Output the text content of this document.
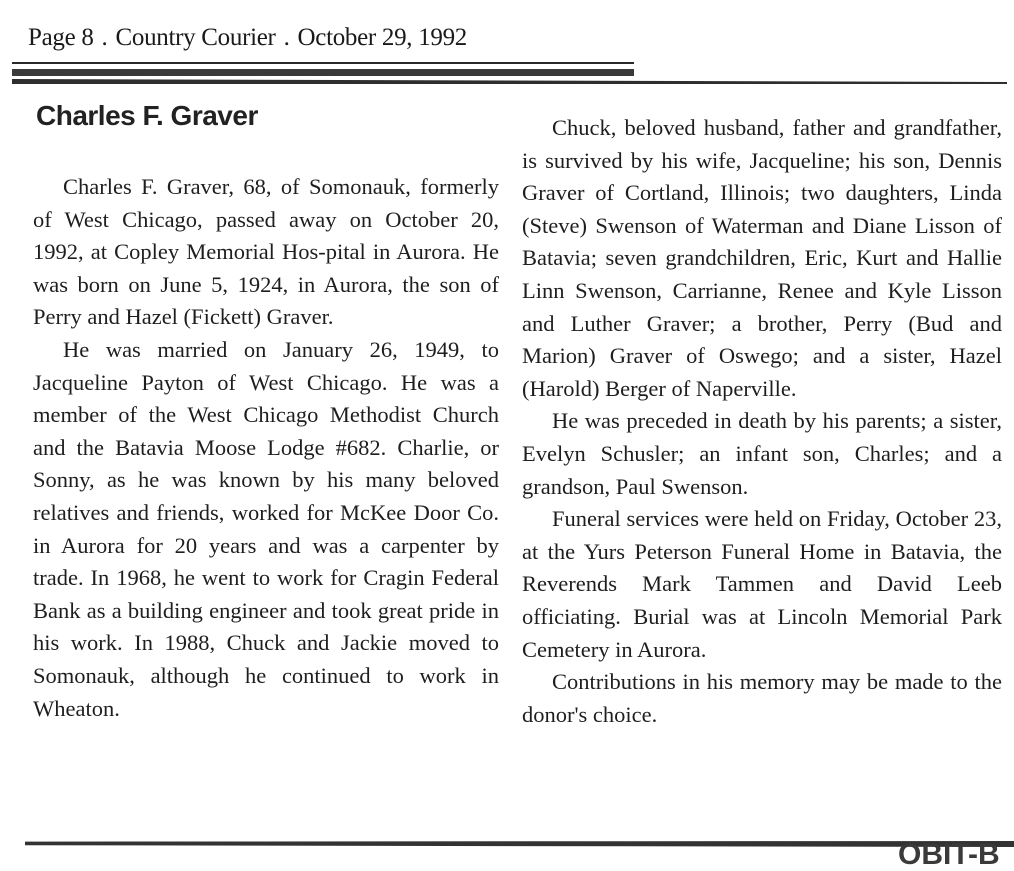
Page 8 . Country Courier . October 29, 1992
Charles F. Graver

Charles F. Graver, 68, of Somonauk, formerly of West Chicago, passed away on October 20, 1992, at Copley Memorial Hos-pital in Aurora. He was born on June 5, 1924, in Aurora, the son of Perry and Hazel (Fickett) Graver.

He was married on January 26, 1949, to Jacqueline Payton of West Chicago. He was a member of the West Chicago Methodist Church and the Batavia Moose Lodge #682. Charlie, or Sonny, as he was known by his many beloved relatives and friends, worked for McKee Door Co. in Aurora for 20 years and was a carpenter by trade. In 1968, he went to work for Cragin Federal Bank as a building engineer and took great pride in his work. In 1988, Chuck and Jackie moved to Somonauk, although he continued to work in Wheaton.

Chuck, beloved husband, father and grandfather, is survived by his wife, Jacqueline; his son, Dennis Graver of Cortland, Illinois; two daughters, Linda (Steve) Swenson of Waterman and Diane Lisson of Batavia; seven grandchildren, Eric, Kurt and Hallie Linn Swenson, Carrianne, Renee and Kyle Lisson and Luther Graver; a brother, Perry (Bud and Marion) Graver of Oswego; and a sister, Hazel (Harold) Berger of Naperville.

He was preceded in death by his parents; a sister, Evelyn Schusler; an infant son, Charles; and a grandson, Paul Swenson.

Funeral services were held on Friday, October 23, at the Yurs Peterson Funeral Home in Batavia, the Reverends Mark Tammen and David Leeb officiating. Burial was at Lincoln Memorial Park Cemetery in Aurora.

Contributions in his memory may be made to the donor's choice.

OBIT-B
